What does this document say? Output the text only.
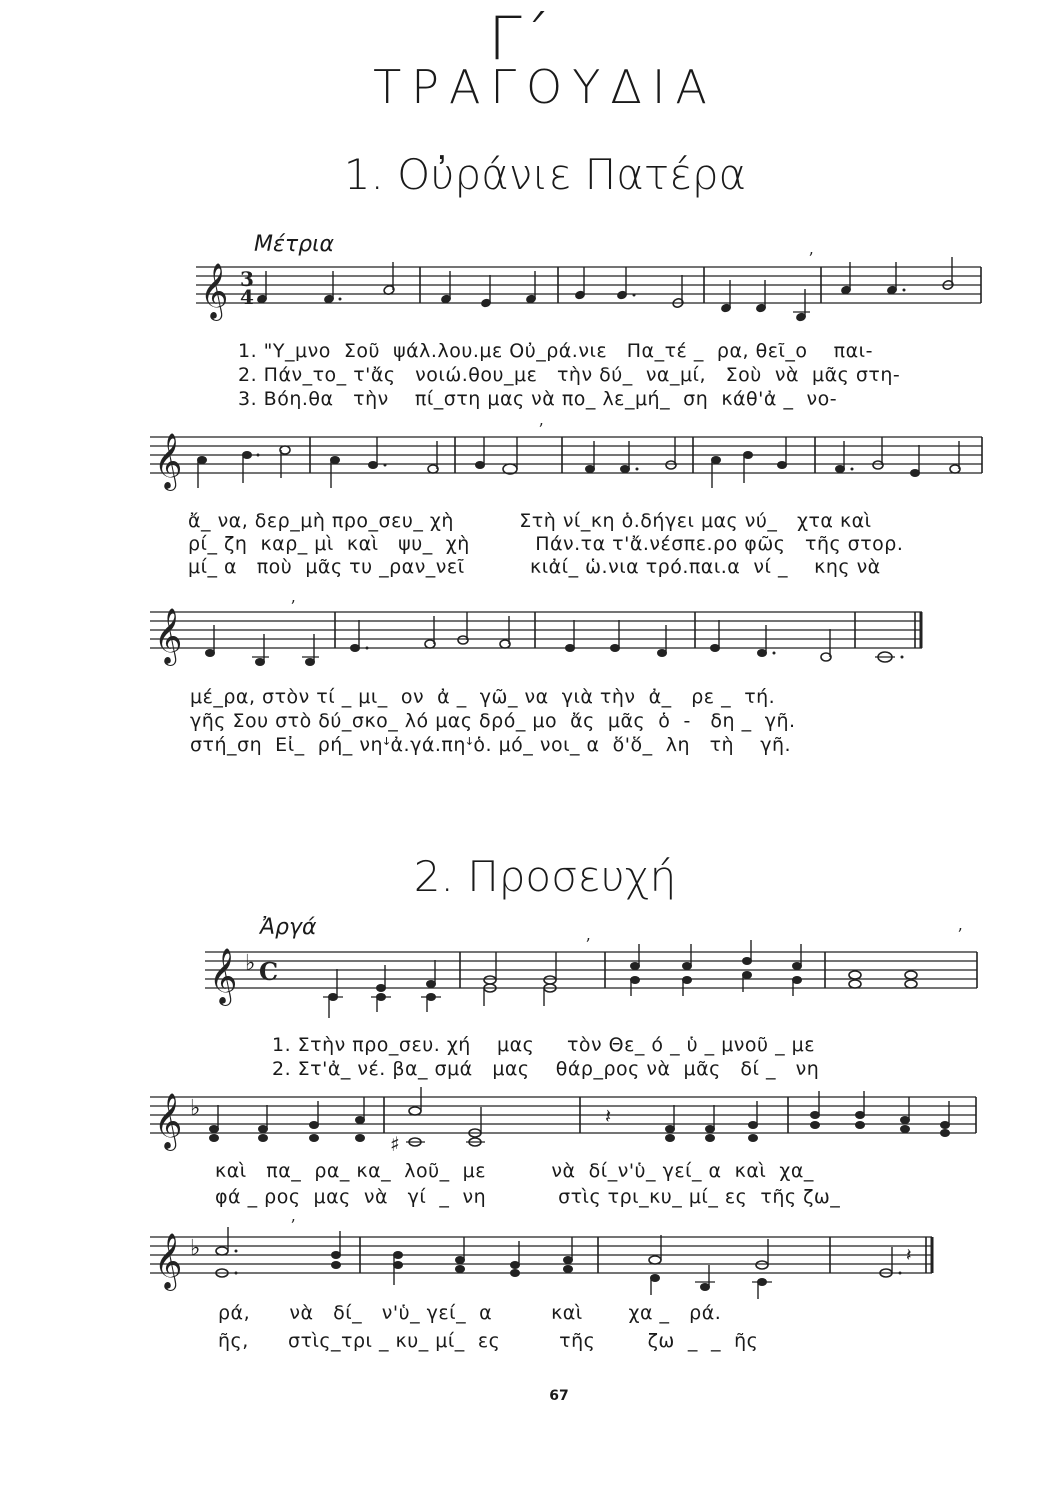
Γ΄
ΤΡΑΓΟΥΔΙΑ
1. Οὐράνιε Πατέρα
Μέτρια
𝄞 3
4
ʼ
1. "Υ_μνο  Σοῦ  ψάλ.λου.με Οὐ_ρά.νιε   Πα_τέ _  ρα, θεῖ_ο    παι-
2. Πάν_το_ τ'ἄς   νοιώ.θου_με   τὴν δύ_  να_μί,   Σοὺ  νὰ  μᾶς στη-
3. Βόη.θα   τὴν    πί_στη μας νὰ πο_ λε_μή_  ση  κάθ'ἀ _  νο-
𝄞
ʼ
ἄ_ να, δερ_μὴ προ_σευ_ χὴ          Στὴ νί_κη ὁ.δήγει μας νύ_   χτα καὶ
ρί_ ζη  καρ_ μὶ  καὶ   ψυ_  χὴ          Πάν.τα τ'ἄ.νέσπε.ρο φῶς   τῆς στορ.
μί_ α   ποὺ  μᾶς τυ _ραν_νεῖ          κιἀί_ ὡ.νια τρό.παι.α  νί _    κης νὰ
𝄞
ʼ
μέ_ρα, στὸν τί _ μι_  ον  ἀ _  γῶ_ να  γιὰ τὴν  ἀ_   ρε _  τή.
γῆς Σου στὸ δύ_σκο_ λό μας δρό_ μο  ἄς  μᾶς  ὁ  -   δη _  γῆ.
στή_ση  Εἰ_  ρή_ νηꜜἀ.γά.πηꜜὁ. μό_ νοι_ α  ὅ'ὅ_  λη   τὴ    γῆ.
2. Προσευχή
Ἀργά
𝄞 ♭ C
ʼ
ʼ
1. Στὴν προ_σευ. χή    μας     τὸν Θε_ ό _ ὑ _ μνοῦ _ με
2. Στ'ἀ_ νέ. βα_ σμά   μας    θάρ_ρος νὰ  μᾶς   δί _   νη
𝄞 ♭
♯
𝄽
καὶ   πα_  ρα_ κα_  λοῦ_  με          νὰ  δί_ν'ὑ_ γεί_ α  καὶ  χα_
φά _ ρος  μας  νὰ   γί  _  νη           στὶς τρι_κυ_ μί_ ες  τῆς ζω_
𝄞 ♭
ʼ
𝄽
ρά,      νὰ   δί_   ν'ὑ_ γεί_  α         καὶ       χα _   ρά.
ῆς,      στὶς_τρι _ κυ_ μί_  ες         τῆς        ζω  _  _  ῆς
67
